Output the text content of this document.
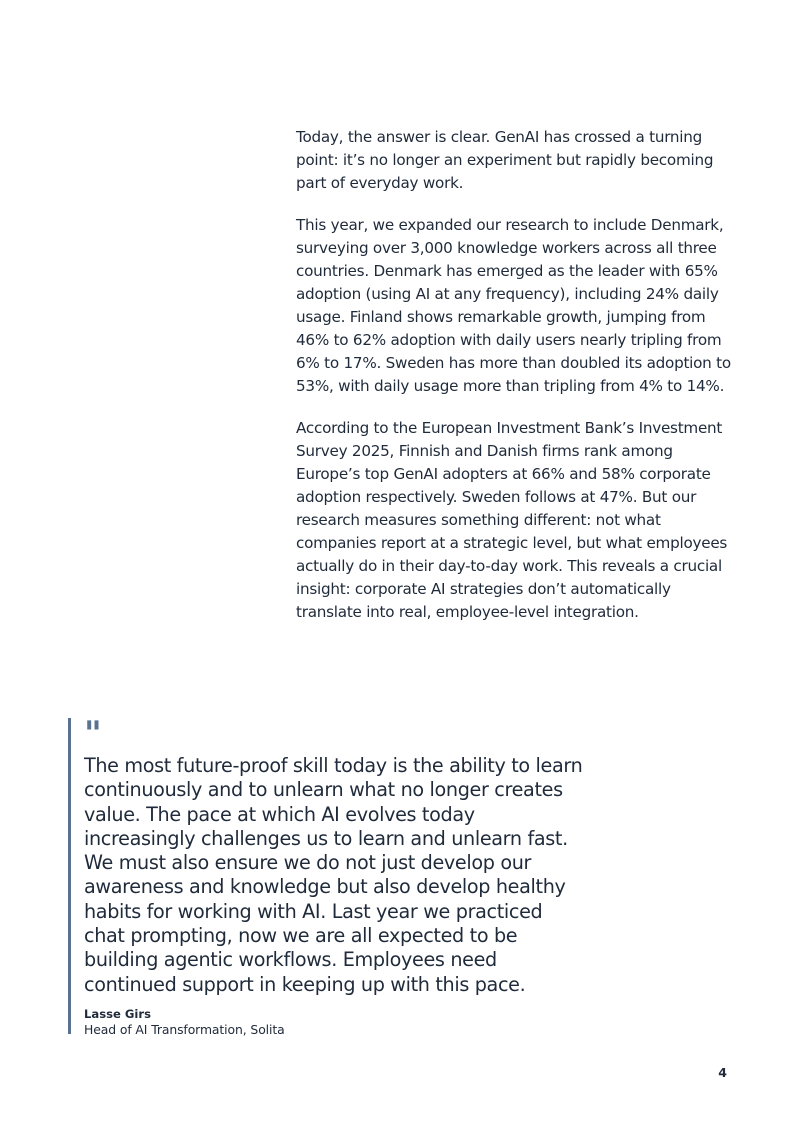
Today, the answer is clear. GenAI has crossed a turning point: it’s no longer an experiment but rapidly becoming part of everyday work.

This year, we expanded our research to include Denmark, surveying over 3,000 knowledge workers across all three countries. Denmark has emerged as the leader with 65% adoption (using AI at any frequency), including 24% daily usage. Finland shows remarkable growth, jumping from 46% to 62% adoption with daily users nearly tripling from 6% to 17%. Sweden has more than doubled its adoption to 53%, with daily usage more than tripling from 4% to 14%.

According to the European Investment Bank’s Investment Survey 2025, Finnish and Danish firms rank among Europe’s top GenAI adopters at 66% and 58% corporate adoption respectively. Sweden follows at 47%. But our research measures something different: not what companies report at a strategic level, but what employees actually do in their day-to-day work. This reveals a crucial insight: corporate AI strategies don’t automatically translate into real, employee-level integration.

"

The most future-proof skill today is the ability to learn continuously and to unlearn what no longer creates value. The pace at which AI evolves today increasingly challenges us to learn and unlearn fast. We must also ensure we do not just develop our awareness and knowledge but also develop healthy habits for working with AI. Last year we practiced chat prompting, now we are all expected to be building agentic workflows. Employees need continued support in keeping up with this pace.

Lasse Girs
Head of AI Transformation, Solita
4
